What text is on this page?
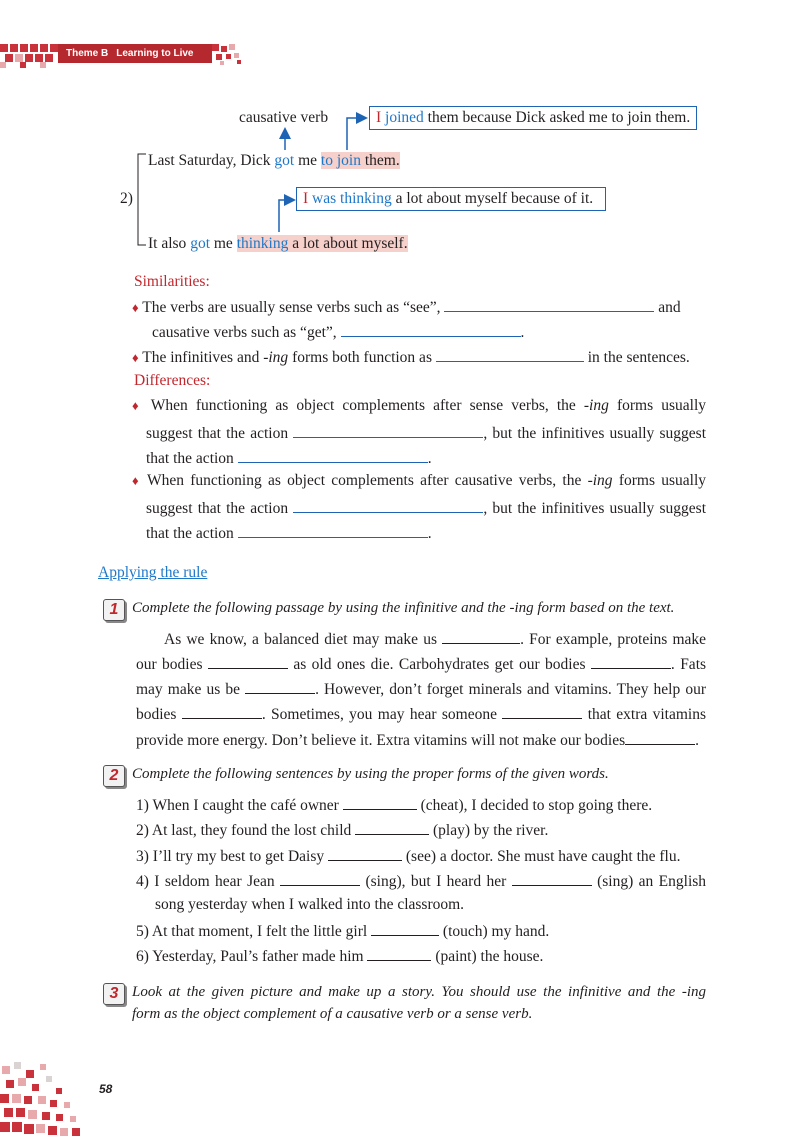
Theme B Learning to Live
causative verb	I joined them because Dick asked me to join them.
Last Saturday, Dick got me to join them.
2)	I was thinking a lot about myself because of it.
It also got me thinking a lot about myself.
Similarities:
♦ The verbs are usually sense verbs such as “see”,	and
causative verbs such as “get”,	.
♦ The infinitives and -ing forms both function as	in the sentences.
Differences:
♦ When functioning as object complements after sense verbs, the -ing forms usually
suggest that the action	, but the infinitives usually suggest
that the action	.
♦ When functioning as object complements after causative verbs, the -ing forms usually
suggest that the action	, but the infinitives usually suggest
that the action	.
Applying the rule
1 Complete the following passage by using the infinitive and the -ing form based on the text.
As we know, a balanced diet may make us	. For example, proteins make
our bodies	as old ones die. Carbohydrates get our bodies	. Fats
may make us be	. However, don’t forget minerals and vitamins. They help our
bodies	. Sometimes, you may hear someone	that extra vitamins
provide more energy. Don’t believe it. Extra vitamins will not make our bodies	.
2 Complete the following sentences by using the proper forms of the given words.
1) When I caught the café owner	(cheat), I decided to stop going there.
2) At last, they found the lost child	(play) by the river.
3) I’ll try my best to get Daisy	(see) a doctor. She must have caught the flu.
4) I seldom hear Jean	(sing), but I heard her	(sing) an English
song yesterday when I walked into the classroom.
5) At that moment, I felt the little girl	(touch) my hand.
6) Yesterday, Paul’s father made him	(paint) the house.
3 Look at the given picture and make up a story. You should use the infinitive and the -ing
form as the object complement of a causative verb or a sense verb.
58
